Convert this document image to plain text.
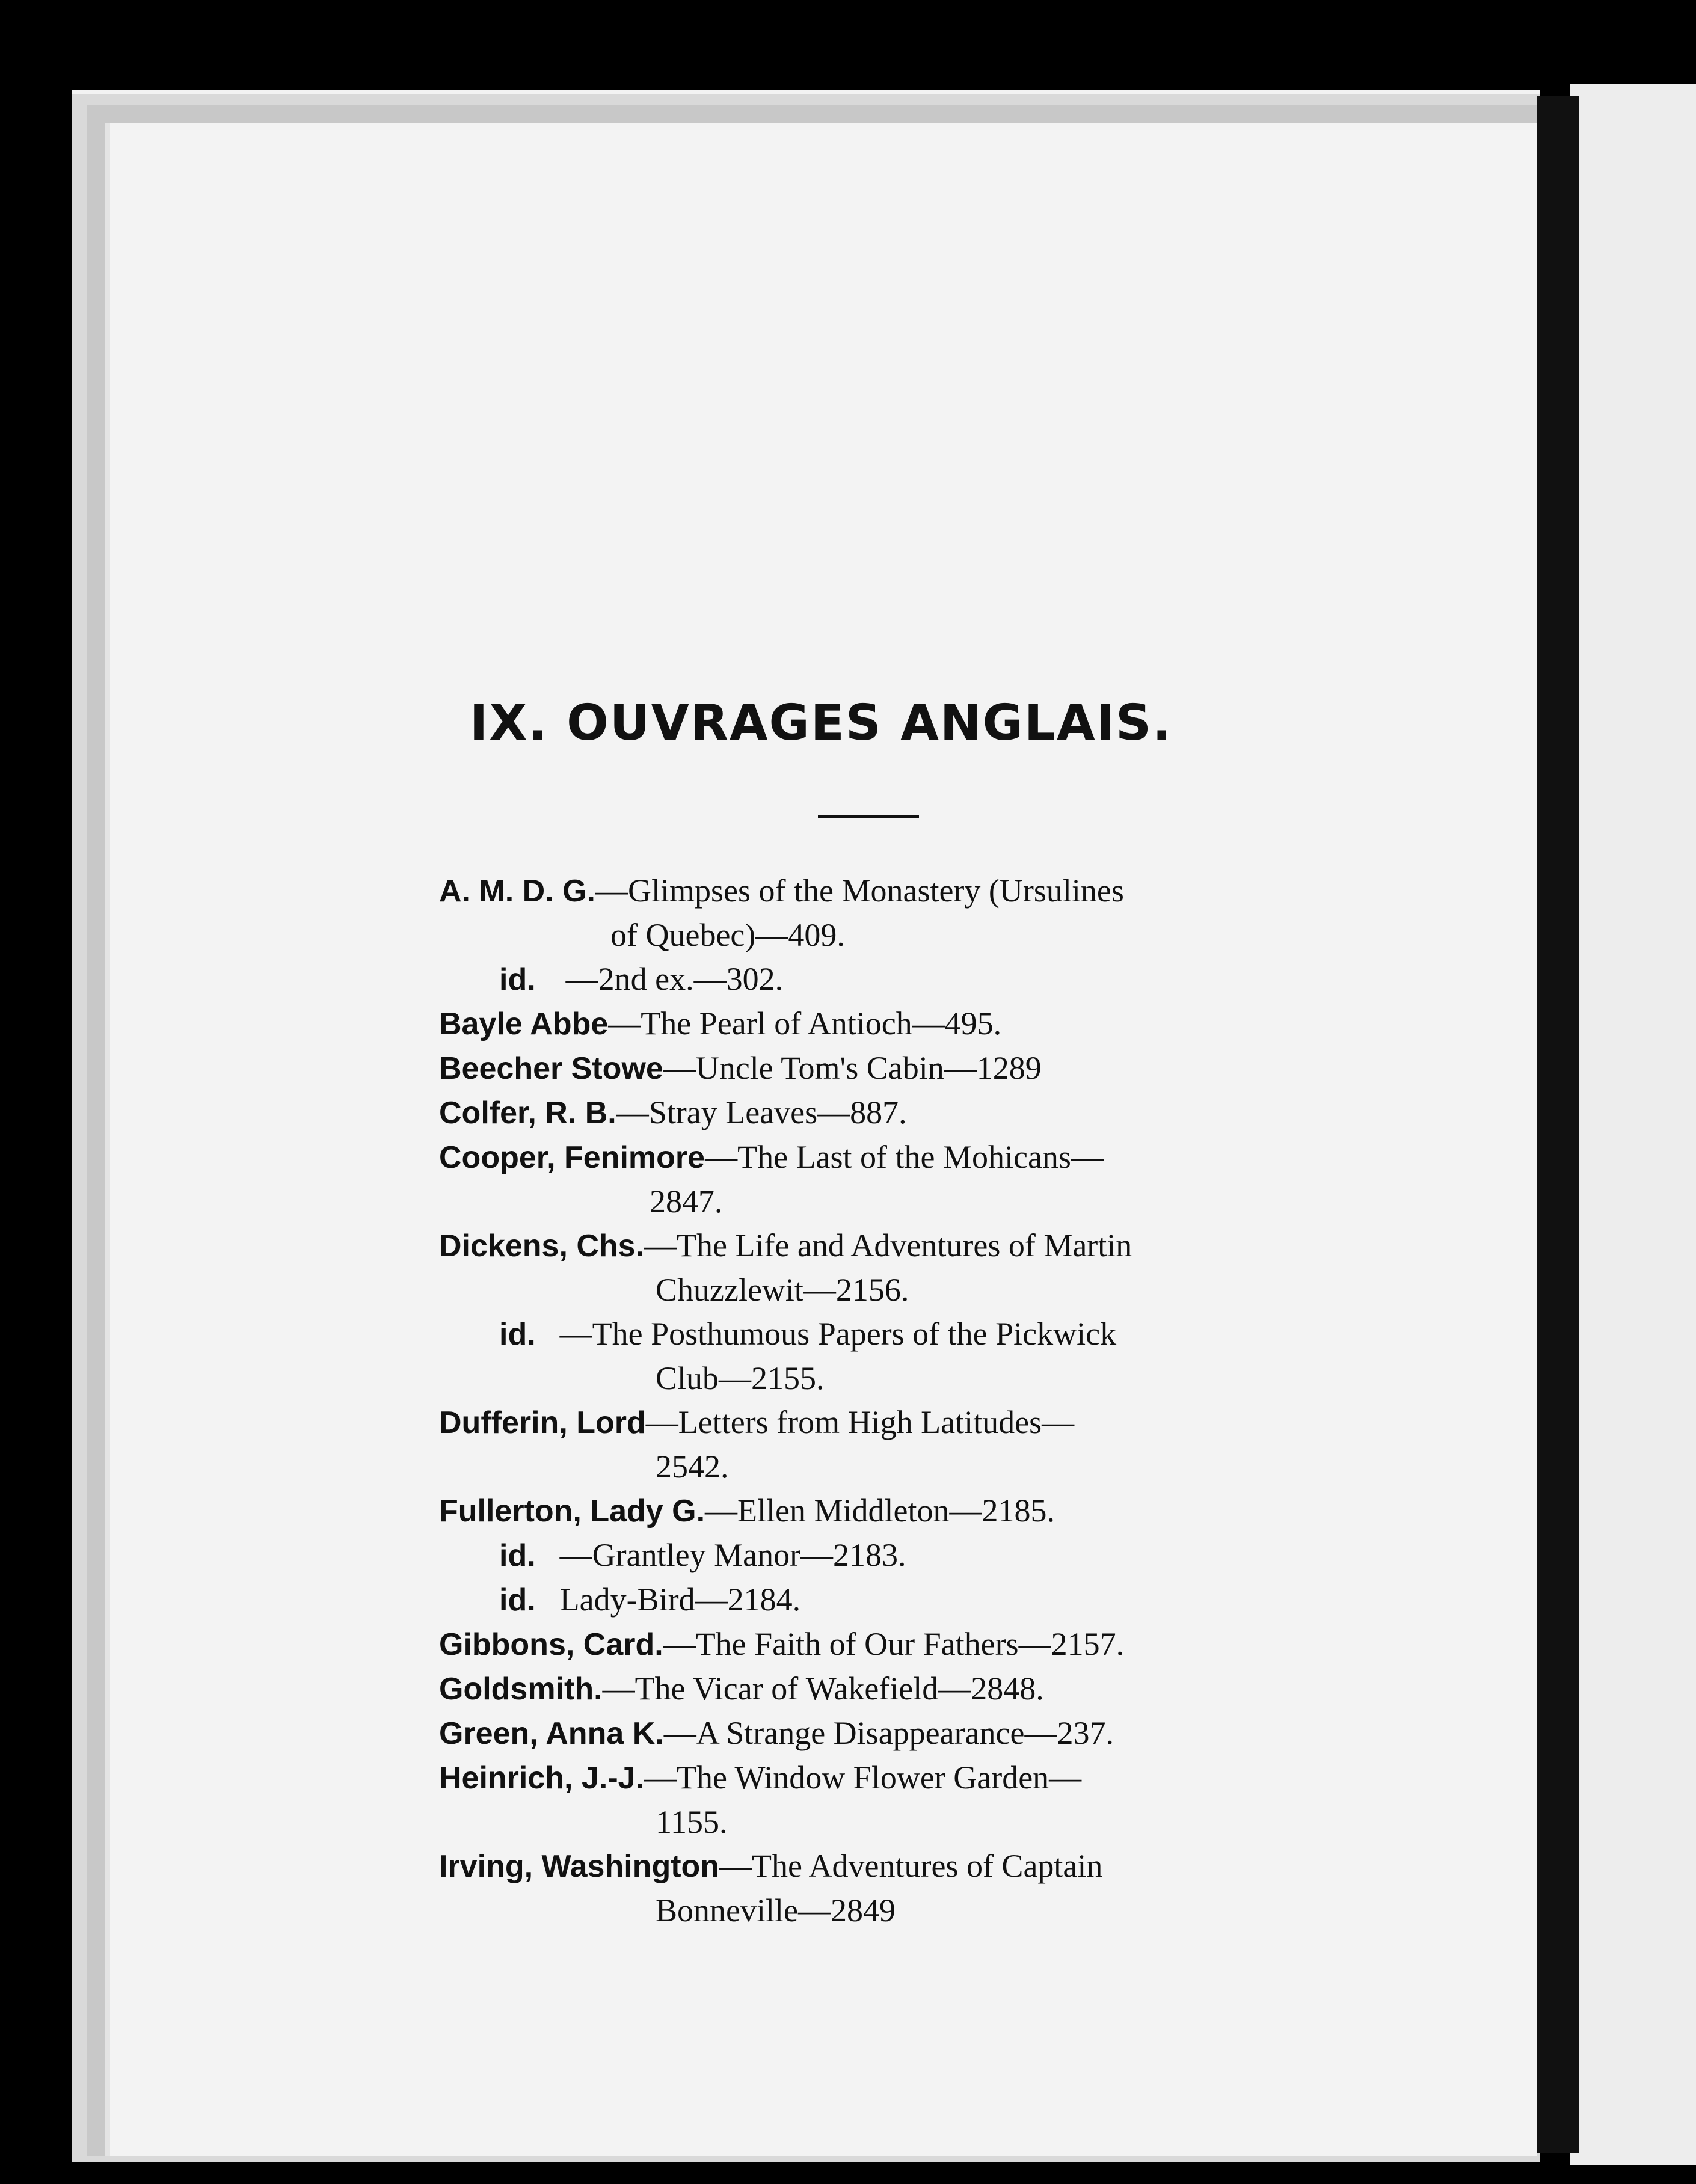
IX. OUVRAGES ANGLAIS.
A. M. D. G.—Glimpses of the Monastery (Ursulines
of Quebec)—409.
id. —2nd ex.—302.
Bayle Abbe—The Pearl of Antioch—495.
Beecher Stowe—Uncle Tom's Cabin—1289
Colfer, R. B.—Stray Leaves—887.
Cooper, Fenimore—The Last of the Mohicans—
2847.
Dickens, Chs.—The Life and Adventures of Martin
Chuzzlewit—2156.
id. —The Posthumous Papers of the Pickwick
Club—2155.
Dufferin, Lord—Letters from High Latitudes—
2542.
Fullerton, Lady G.—Ellen Middleton—2185.
id. —Grantley Manor—2183.
id. Lady-Bird—2184.
Gibbons, Card.—The Faith of Our Fathers—2157.
Goldsmith.—The Vicar of Wakefield—2848.
Green, Anna K.—A Strange Disappearance—237.
Heinrich, J.-J.—The Window Flower Garden—
1155.
Irving, Washington—The Adventures of Captain
Bonneville—2849
